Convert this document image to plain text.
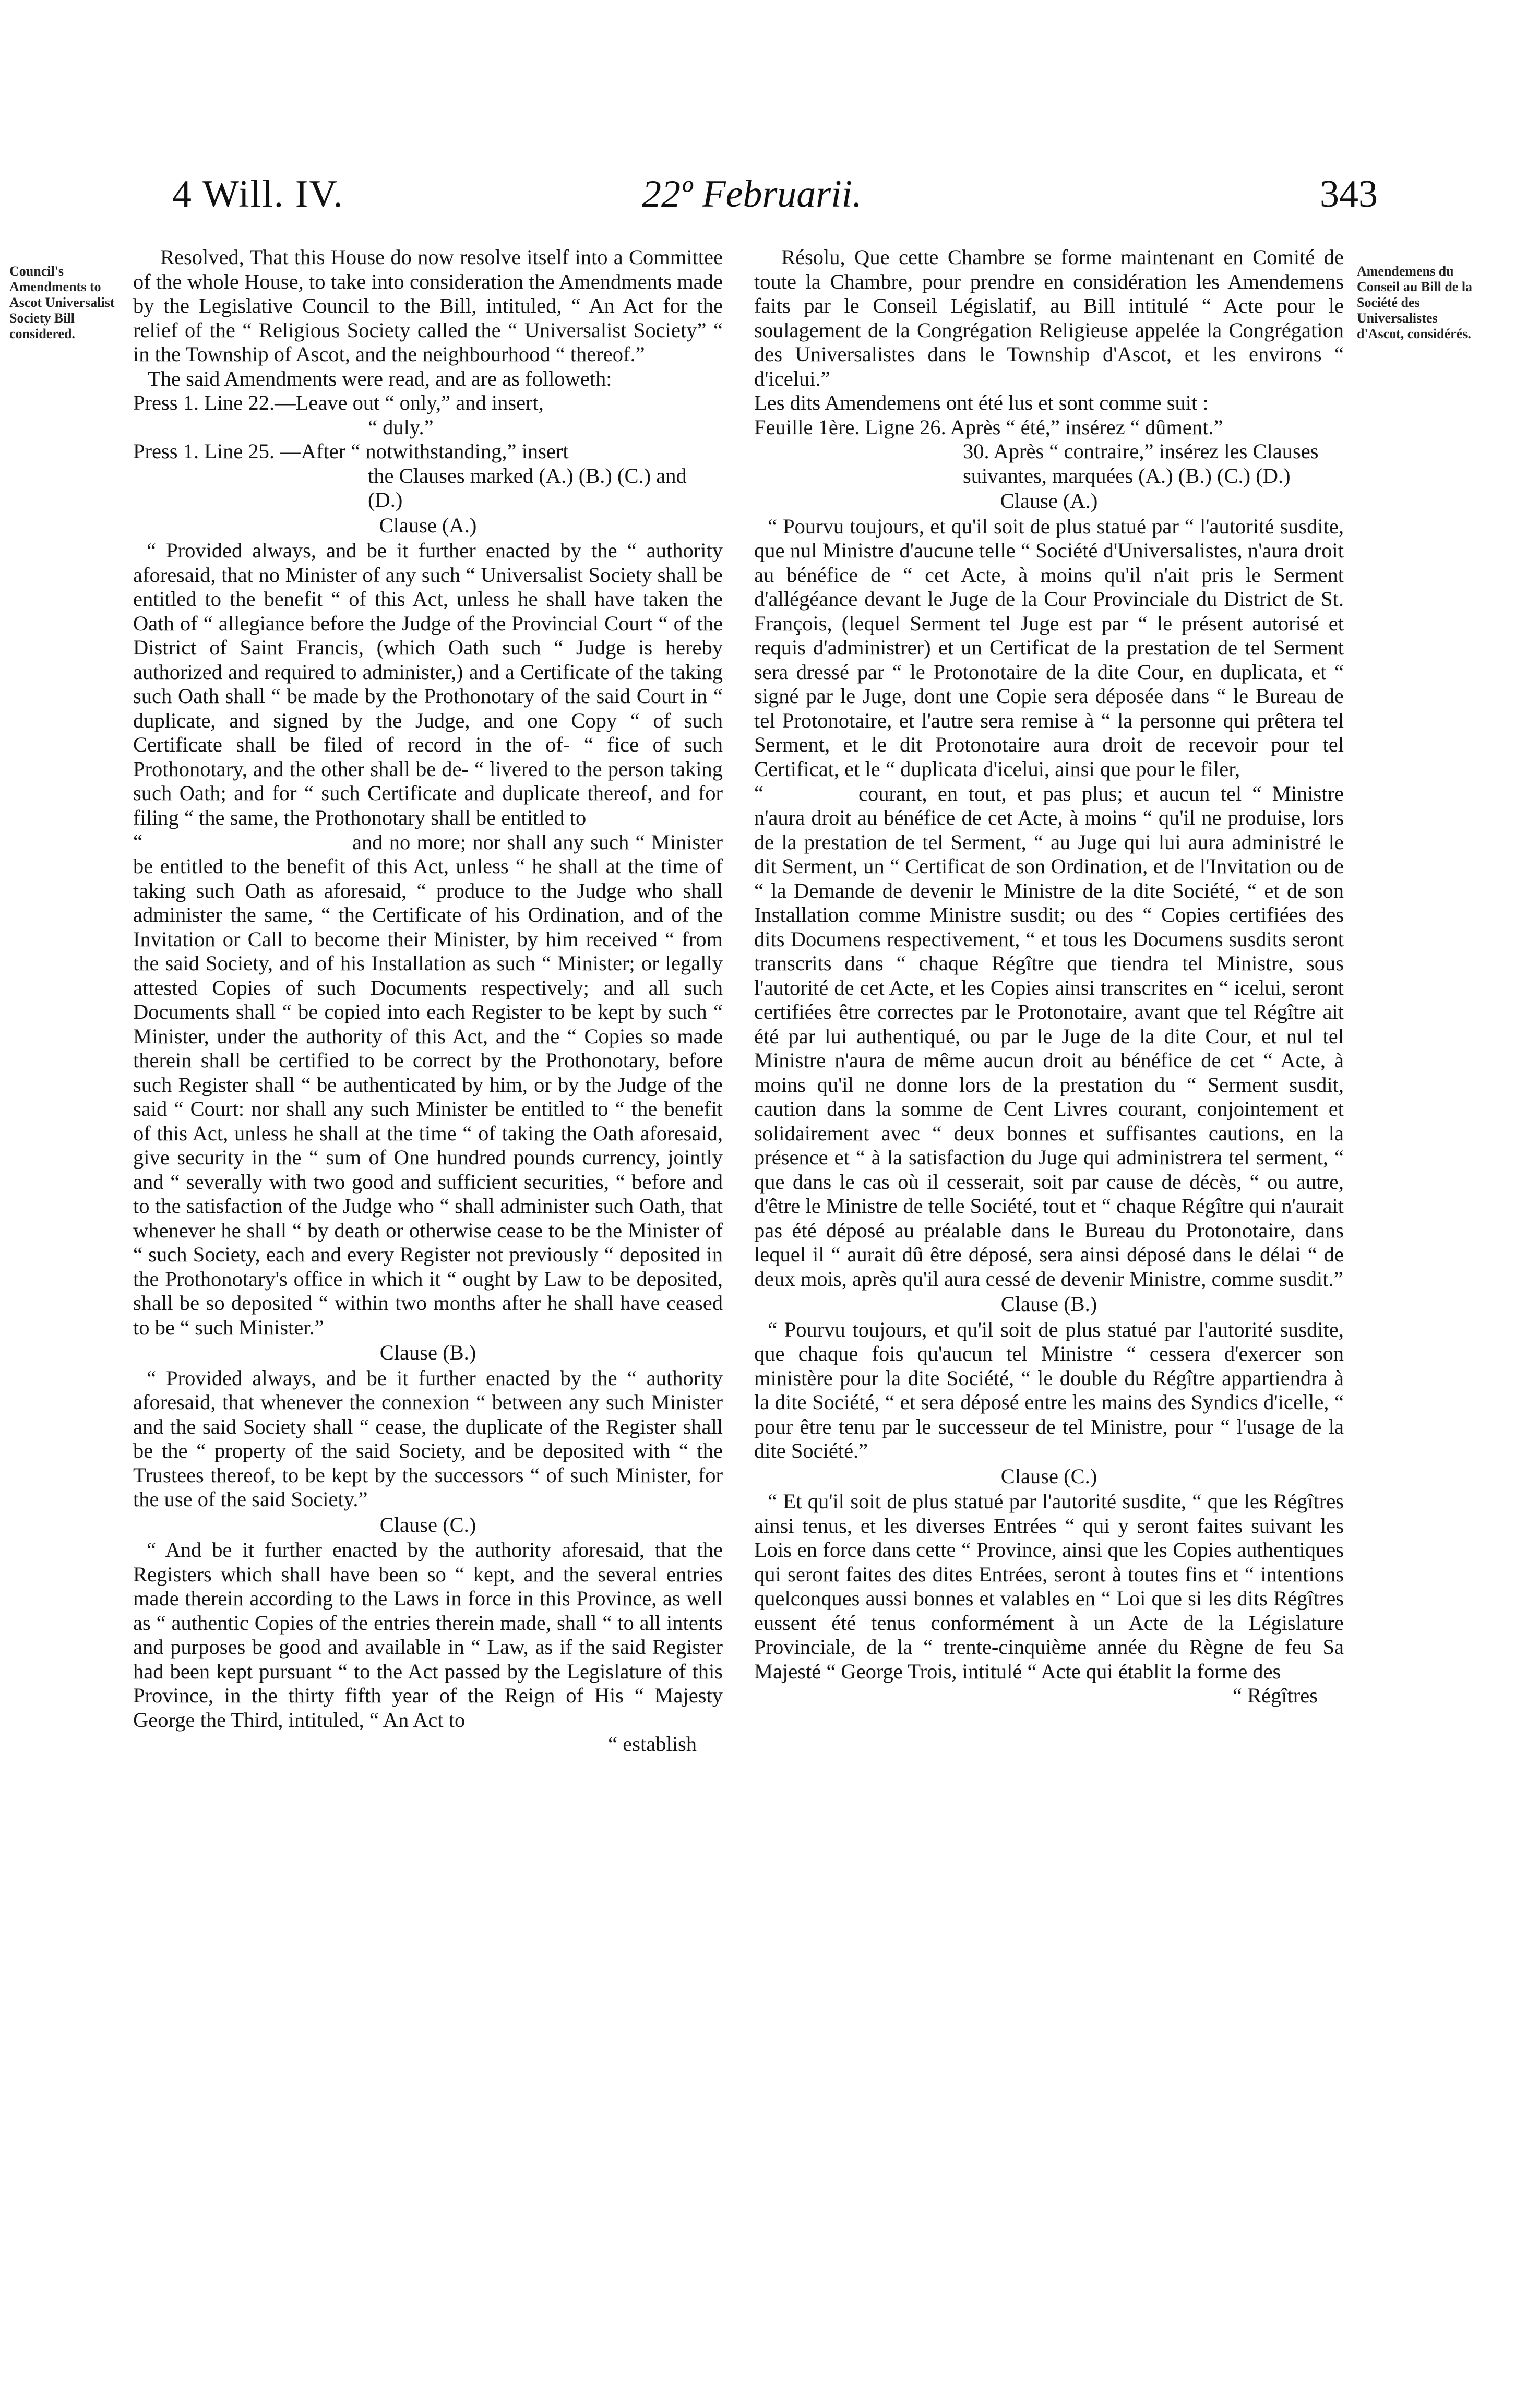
4 Will. IV.	22º Februarii.	343
Council's Amendments to Ascot Universalist Society Bill considered.
Amendemens du Conseil au Bill de la Société des Universalistes d'Ascot, considérés.

Resolved, That this House do now resolve itself into a Committee of the whole House, to take into consideration the Amendments made by the Legislative Council to the Bill, intituled, “ An Act for the relief of the “ Religious Society called the “ Universalist Society” “ in the Township of Ascot, and the neighbourhood “ thereof.”

The said Amendments were read, and are as followeth:

Press 1. Line 22.—Leave out “ only,” and insert,

“ duly.”

Press 1. Line 25. —After “ notwithstanding,” insert

the Clauses marked (A.) (B.) (C.) and (D.)

Clause (A.)

“ Provided always, and be it further enacted by the “ authority aforesaid, that no Minister of any such “ Universalist Society shall be entitled to the benefit “ of this Act, unless he shall have taken the Oath of “ allegiance before the Judge of the Provincial Court “ of the District of Saint Francis, (which Oath such “ Judge is hereby authorized and required to administer,) and a Certificate of the taking such Oath shall “ be made by the Prothonotary of the said Court in “ duplicate, and signed by the Judge, and one Copy “ of such Certificate shall be filed of record in the of- “ fice of such Prothonotary, and the other shall be de- “ livered to the person taking such Oath; and for “ such Certificate and duplicate thereof, and for filing “ the same, the Prothonotary shall be entitled to

“	and no more; nor shall any such “ Minister be entitled to the benefit of this Act, unless “ he shall at the time of taking such Oath as aforesaid, “ produce to the Judge who shall administer the same, “ the Certificate of his Ordination, and of the Invitation or Call to become their Minister, by him received “ from the said Society, and of his Installation as such “ Minister; or legally attested Copies of such Documents respectively; and all such Documents shall “ be copied into each Register to be kept by such “ Minister, under the authority of this Act, and the “ Copies so made therein shall be certified to be correct by the Prothonotary, before such Register shall “ be authenticated by him, or by the Judge of the said “ Court: nor shall any such Minister be entitled to “ the benefit of this Act, unless he shall at the time “ of taking the Oath aforesaid, give security in the “ sum of One hundred pounds currency, jointly and “ severally with two good and sufficient securities, “ before and to the satisfaction of the Judge who “ shall administer such Oath, that whenever he shall “ by death or otherwise cease to be the Minister of “ such Society, each and every Register not previously “ deposited in the Prothonotary's office in which it “ ought by Law to be deposited, shall be so deposited “ within two months after he shall have ceased to be “ such Minister.”

Clause (B.)

“ Provided always, and be it further enacted by the “ authority aforesaid, that whenever the connexion “ between any such Minister and the said Society shall “ cease, the duplicate of the Register shall be the “ property of the said Society, and be deposited with “ the Trustees thereof, to be kept by the successors “ of such Minister, for the use of the said Society.”

Clause (C.)

“ And be it further enacted by the authority aforesaid, that the Registers which shall have been so “ kept, and the several entries made therein according to the Laws in force in this Province, as well as “ authentic Copies of the entries therein made, shall “ to all intents and purposes be good and available in “ Law, as if the said Register had been kept pursuant “ to the Act passed by the Legislature of this Province, in the thirty fifth year of the Reign of His “ Majesty George the Third, intituled, “ An Act to

“ establish

Résolu, Que cette Chambre se forme maintenant en Comité de toute la Chambre, pour prendre en considération les Amendemens faits par le Conseil Législatif, au Bill intitulé “ Acte pour le soulagement de la Congrégation Religieuse appelée la Congrégation des Universalistes dans le Township d'Ascot, et les environs “ d'icelui.”

Les dits Amendemens ont été lus et sont comme suit :

Feuille 1ère. Ligne 26. Après “ été,” insérez “ dûment.”

30. Après “ contraire,” insérez les Clauses suivantes, marquées (A.) (B.) (C.) (D.)

Clause (A.)

“ Pourvu toujours, et qu'il soit de plus statué par “ l'autorité susdite, que nul Ministre d'aucune telle “ Société d'Universalistes, n'aura droit au bénéfice de “ cet Acte, à moins qu'il n'ait pris le Serment d'allégéance devant le Juge de la Cour Provinciale du District de St. François, (lequel Serment tel Juge est par “ le présent autorisé et requis d'administrer) et un Certificat de la prestation de tel Serment sera dressé par “ le Protonotaire de la dite Cour, en duplicata, et “ signé par le Juge, dont une Copie sera déposée dans “ le Bureau de tel Protonotaire, et l'autre sera remise à “ la personne qui prêtera tel Serment, et le dit Protonotaire aura droit de recevoir pour tel Certificat, et le “ duplicata d'icelui, ainsi que pour le filer,

“	courant, en tout, et pas plus; et aucun tel “ Ministre n'aura droit au bénéfice de cet Acte, à moins “ qu'il ne produise, lors de la prestation de tel Serment, “ au Juge qui lui aura administré le dit Serment, un “ Certificat de son Ordination, et de l'Invitation ou de “ la Demande de devenir le Ministre de la dite Société, “ et de son Installation comme Ministre susdit; ou des “ Copies certifiées des dits Documens respectivement, “ et tous les Documens susdits seront transcrits dans “ chaque Régître que tiendra tel Ministre, sous l'autorité de cet Acte, et les Copies ainsi transcrites en “ icelui, seront certifiées être correctes par le Protonotaire, avant que tel Régître ait été par lui authentiqué, ou par le Juge de la dite Cour, et nul tel Ministre n'aura de même aucun droit au bénéfice de cet “ Acte, à moins qu'il ne donne lors de la prestation du “ Serment susdit, caution dans la somme de Cent Livres courant, conjointement et solidairement avec “ deux bonnes et suffisantes cautions, en la présence et “ à la satisfaction du Juge qui administrera tel serment, “ que dans le cas où il cesserait, soit par cause de décès, “ ou autre, d'être le Ministre de telle Société, tout et “ chaque Régître qui n'aurait pas été déposé au préalable dans le Bureau du Protonotaire, dans lequel il “ aurait dû être déposé, sera ainsi déposé dans le délai “ de deux mois, après qu'il aura cessé de devenir Ministre, comme susdit.”

Clause (B.)

“ Pourvu toujours, et qu'il soit de plus statué par l'autorité susdite, que chaque fois qu'aucun tel Ministre “ cessera d'exercer son ministère pour la dite Société, “ le double du Régître appartiendra à la dite Société, “ et sera déposé entre les mains des Syndics d'icelle, “ pour être tenu par le successeur de tel Ministre, pour “ l'usage de la dite Société.”

Clause (C.)

“ Et qu'il soit de plus statué par l'autorité susdite, “ que les Régîtres ainsi tenus, et les diverses Entrées “ qui y seront faites suivant les Lois en force dans cette “ Province, ainsi que les Copies authentiques qui seront faites des dites Entrées, seront à toutes fins et “ intentions quelconques aussi bonnes et valables en “ Loi que si les dits Régîtres eussent été tenus conformément à un Acte de la Législature Provinciale, de la “ trente-cinquième année du Règne de feu Sa Majesté “ George Trois, intitulé “ Acte qui établit la forme des

“ Régîtres
